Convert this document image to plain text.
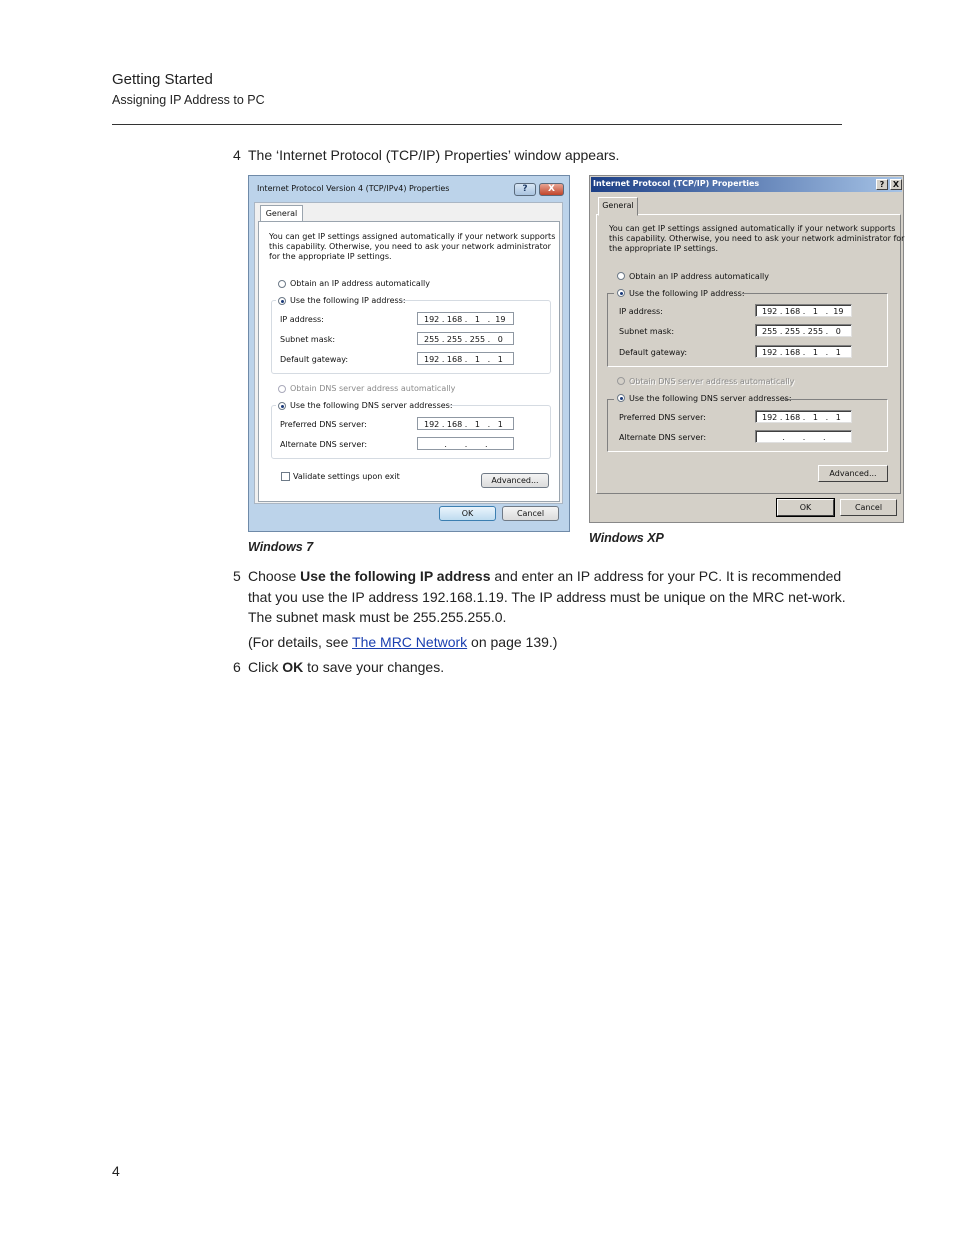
Getting Started
Assigning IP Address to PC
4 The ‘Internet Protocol (TCP/IP) Properties’ window appears.
Internet Protocol Version 4 (TCP/IPv4) Properties	?	X
General
You can get IP settings assigned automatically if your network supports
this capability. Otherwise, you need to ask your network administrator
for the appropriate IP settings.
Obtain an IP address automatically
Use the following IP address:
IP address:	192 . 168 .   1   .  19
Subnet mask:	255 . 255 . 255 .   0
Default gateway:	192 . 168 .   1   .   1
Obtain DNS server address automatically
Use the following DNS server addresses:
Preferred DNS server:	192 . 168 .   1   .   1
Alternate DNS server:	.       .       .
Validate settings upon exit	Advanced...
OK	Cancel
Windows 7
Internet Protocol (TCP/IP) Properties	?	X
General
You can get IP settings assigned automatically if your network supports
this capability. Otherwise, you need to ask your network administrator for
the appropriate IP settings.
Obtain an IP address automatically
Use the following IP address:
IP address:	192 . 168 .   1   .  19
Subnet mask:	255 . 255 . 255 .   0
Default gateway:	192 . 168 .   1   .   1
Obtain DNS server address automatically
Use the following DNS server addresses:
Preferred DNS server:	192 . 168 .   1   .   1
Alternate DNS server:	.       .       .
Advanced...
OK	Cancel
Windows XP
5 Choose Use the following IP address and enter an IP address for your PC. It is recommended that you use the IP address 192.168.1.19. The IP address must be unique on the MRC net-work. The subnet mask must be 255.255.255.0.
(For details, see The MRC Network on page 139.)
6 Click OK to save your changes.
4
